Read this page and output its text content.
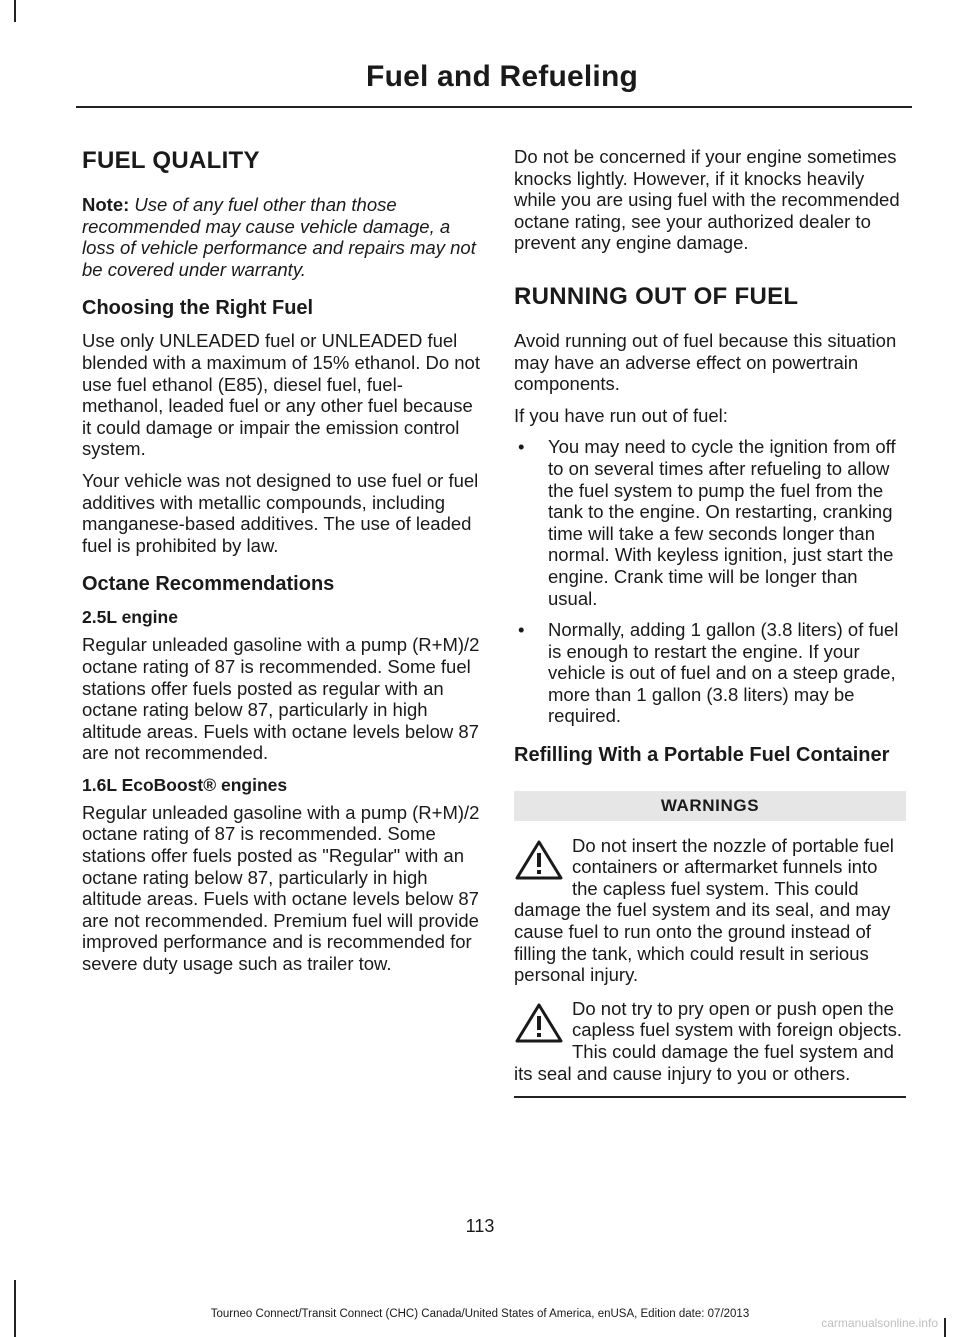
Fuel and Refueling
FUEL QUALITY

Note: Use of any fuel other than those recommended may cause vehicle damage, a loss of vehicle performance and repairs may not be covered under warranty.

Choosing the Right Fuel

Use only UNLEADED fuel or UNLEADED fuel blended with a maximum of 15% ethanol. Do not use fuel ethanol (E85), diesel fuel, fuel-methanol, leaded fuel or any other fuel because it could damage or impair the emission control system.

Your vehicle was not designed to use fuel or fuel additives with metallic compounds, including manganese-based additives. The use of leaded fuel is prohibited by law.

Octane Recommendations
2.5L engine

Regular unleaded gasoline with a pump (R+M)/2 octane rating of 87 is recommended. Some fuel stations offer fuels posted as regular with an octane rating below 87, particularly in high altitude areas. Fuels with octane levels below 87 are not recommended.

1.6L EcoBoost® engines

Regular unleaded gasoline with a pump (R+M)/2 octane rating of 87 is recommended. Some stations offer fuels posted as "Regular" with an octane rating below 87, particularly in high altitude areas. Fuels with octane levels below 87 are not recommended. Premium fuel will provide improved performance and is recommended for severe duty usage such as trailer tow.

Do not be concerned if your engine sometimes knocks lightly. However, if it knocks heavily while you are using fuel with the recommended octane rating, see your authorized dealer to prevent any engine damage.

RUNNING OUT OF FUEL

Avoid running out of fuel because this situation may have an adverse effect on powertrain components.

If you have run out of fuel:

• You may need to cycle the ignition from off to on several times after refueling to allow the fuel system to pump the fuel from the tank to the engine. On restarting, cranking time will take a few seconds longer than normal. With keyless ignition, just start the engine. Crank time will be longer than usual.
• Normally, adding 1 gallon (3.8 liters) of fuel is enough to restart the engine. If your vehicle is out of fuel and on a steep grade, more than 1 gallon (3.8 liters) may be required.
Refilling With a Portable Fuel Container
WARNINGS
Do not insert the nozzle of portable fuel containers or aftermarket funnels into the capless fuel system. This could damage the fuel system and its seal, and may cause fuel to run onto the ground instead of filling the tank, which could result in serious personal injury.
Do not try to pry open or push open the capless fuel system with foreign objects. This could damage the fuel system and its seal and cause injury to you or others.
113
Tourneo Connect/Transit Connect (CHC) Canada/United States of America, enUSA, Edition date: 07/2013
carmanualsonline.info
